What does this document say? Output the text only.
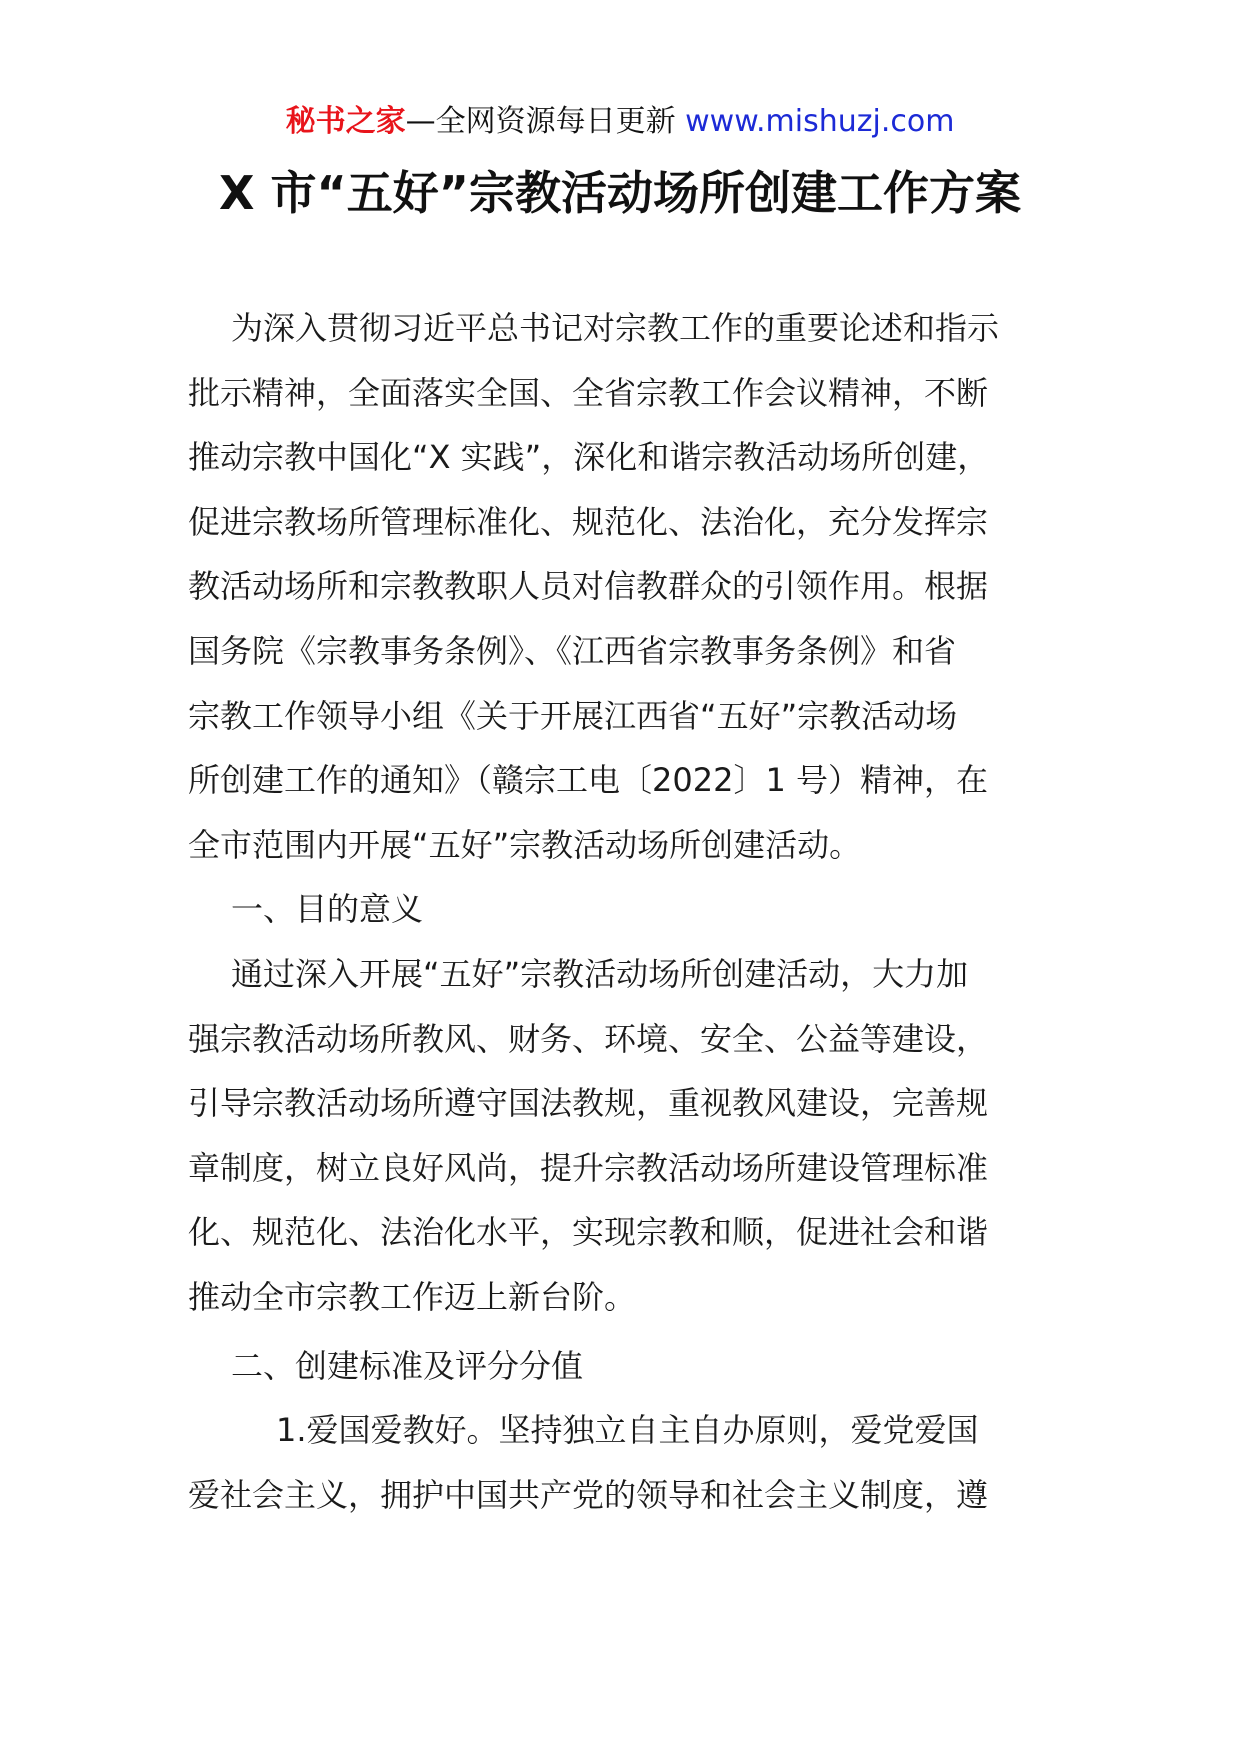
秘书之家—全网资源每日更新 www.mishuzj.com
X 市“五好”宗教活动场所创建工作方案
为深入贯彻习近平总书记对宗教工作的重要论述和指示
批示精神，全面落实全国、全省宗教工作会议精神，不断
推动宗教中国化“X 实践”，深化和谐宗教活动场所创建，
促进宗教场所管理标准化、规范化、法治化，充分发挥宗
教活动场所和宗教教职人员对信教群众的引领作用。根据
国务院《宗教事务条例》、《江西省宗教事务条例》和省
宗教工作领导小组《关于开展江西省“五好”宗教活动场
所创建工作的通知》（赣宗工电〔2022〕1 号）精神，在
全市范围内开展“五好”宗教活动场所创建活动。
一、目的意义
通过深入开展“五好”宗教活动场所创建活动，大力加
强宗教活动场所教风、财务、环境、安全、公益等建设，
引导宗教活动场所遵守国法教规，重视教风建设，完善规
章制度，树立良好风尚，提升宗教活动场所建设管理标准
化、规范化、法治化水平，实现宗教和顺，促进社会和谐
推动全市宗教工作迈上新台阶。
二、创建标准及评分分值
1.爱国爱教好。坚持独立自主自办原则，爱党爱国
爱社会主义，拥护中国共产党的领导和社会主义制度，遵
